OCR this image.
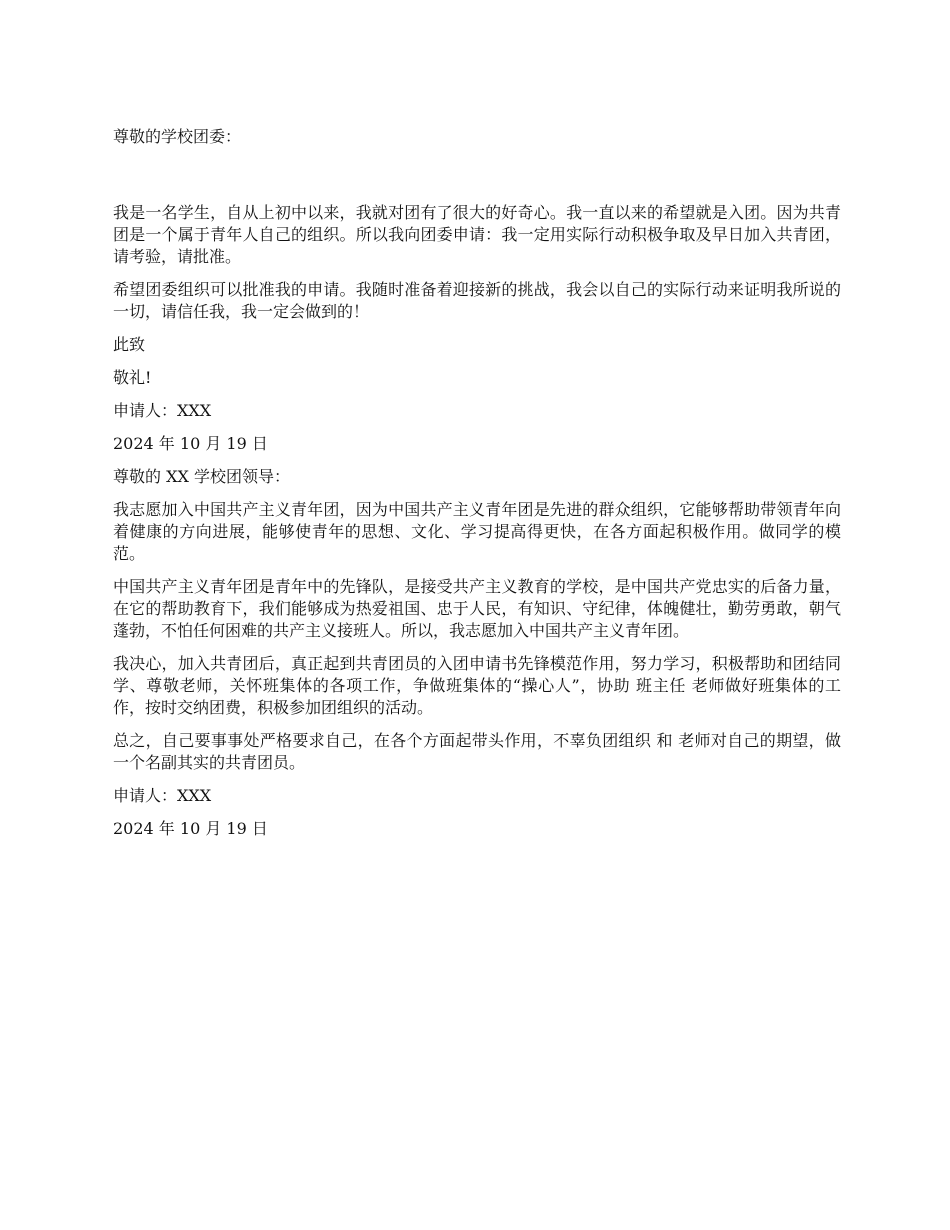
尊敬的学校团委：

我是一名学生，自从上初中以来，我就对团有了很大的好奇心。我一直以来的希望就是入团。因为共青团是一个属于青年人自己的组织。所以我向团委申请：我一定用实际行动积极争取及早日加入共青团，请考验，请批准。

希望团委组织可以批准我的申请。我随时准备着迎接新的挑战，我会以自己的实际行动来证明我所说的一切，请信任我，我一定会做到的！

此致

敬礼!

申请人：XXX

2024 年 10 月 19 日

尊敬的 XX 学校团领导：

我志愿加入中国共产主义青年团，因为中国共产主义青年团是先进的群众组织，它能够帮助带领青年向着健康的方向进展，能够使青年的思想、文化、学习提高得更快，在各方面起积极作用。做同学的模范。

中国共产主义青年团是青年中的先锋队，是接受共产主义教育的学校，是中国共产党忠实的后备力量，在它的帮助教育下，我们能够成为热爱祖国、忠于人民，有知识、守纪律，体魄健壮，勤劳勇敢，朝气蓬勃，不怕任何困难的共产主义接班人。所以，我志愿加入中国共产主义青年团。

我决心，加入共青团后，真正起到共青团员的入团申请书先锋模范作用，努力学习，积极帮助和团结同学、尊敬老师，关怀班集体的各项工作，争做班集体的“操心人”，协助 班主任 老师做好班集体的工作，按时交纳团费，积极参加团组织的活动。

总之，自己要事事处严格要求自己，在各个方面起带头作用，不辜负团组织 和 老师对自己的期望，做一个名副其实的共青团员。

申请人：XXX

2024 年 10 月 19 日
